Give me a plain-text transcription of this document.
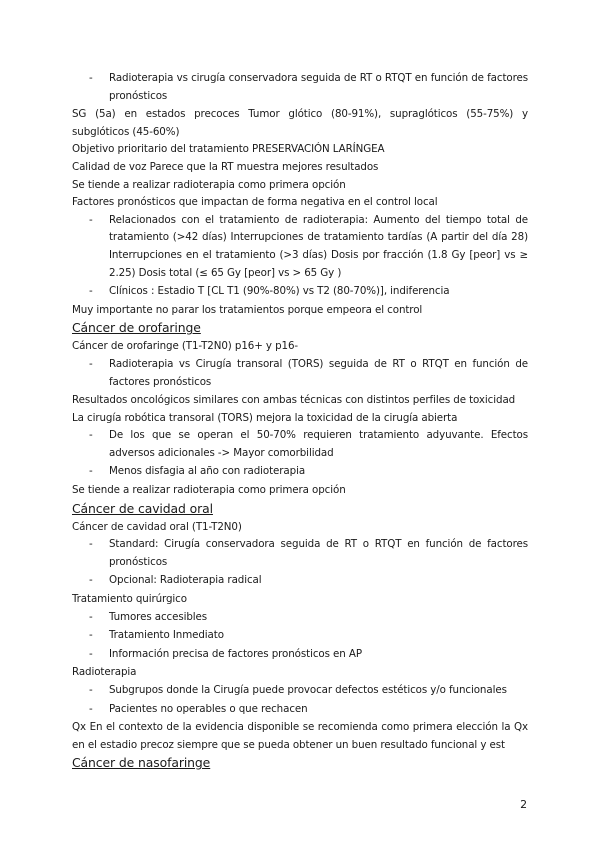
- Radioterapia vs cirugía conservadora seguida de RT o RTQT en función de factores pronósticos

SG (5a) en estados precoces Tumor glótico (80-91%), supraglóticos (55-75%) y subglóticos (45-60%)

Objetivo prioritario del tratamiento PRESERVACIÓN LARÍNGEA

Calidad de voz Parece que la RT muestra mejores resultados

Se tiende a realizar radioterapia como primera opción

Factores pronósticos que impactan de forma negativa en el control local

- Relacionados con el tratamiento de radioterapia: Aumento del tiempo total de tratamiento (>42 días) Interrupciones de tratamiento tardías (A partir del día 28) Interrupciones en el tratamiento (>3 días) Dosis por fracción (1.8 Gy [peor] vs ≥ 2.25) Dosis total (≤ 65 Gy [peor] vs > 65 Gy )
- Clínicos : Estadio T [CL T1 (90%-80%) vs T2 (80-70%)], indiferencia

Muy importante no parar los tratamientos porque empeora el control

Cáncer de orofaringe

Cáncer de orofaringe (T1-T2N0) p16+ y p16-

- Radioterapia vs Cirugía transoral (TORS) seguida de RT o RTQT en función de factores pronósticos

Resultados oncológicos similares con ambas técnicas con distintos perfiles de toxicidad

La cirugía robótica transoral (TORS) mejora la toxicidad de la cirugía abierta

- De los que se operan el 50-70% requieren tratamiento adyuvante. Efectos adversos adicionales -> Mayor comorbilidad
- Menos disfagia al año con radioterapia

Se tiende a realizar radioterapia como primera opción

Cáncer de cavidad oral

Cáncer de cavidad oral (T1-T2N0)

- Standard: Cirugía conservadora seguida de RT o RTQT en función de factores pronósticos
- Opcional: Radioterapia radical

Tratamiento quirúrgico

- Tumores accesibles
- Tratamiento Inmediato
- Información precisa de factores pronósticos en AP

Radioterapia

- Subgrupos donde la Cirugía puede provocar defectos estéticos y/o funcionales
- Pacientes no operables o que rechacen

Qx En el contexto de la evidencia disponible se recomienda como primera elección la Qx en el estadio precoz siempre que se pueda obtener un buen resultado funcional y est

Cáncer de nasofaringe

2
